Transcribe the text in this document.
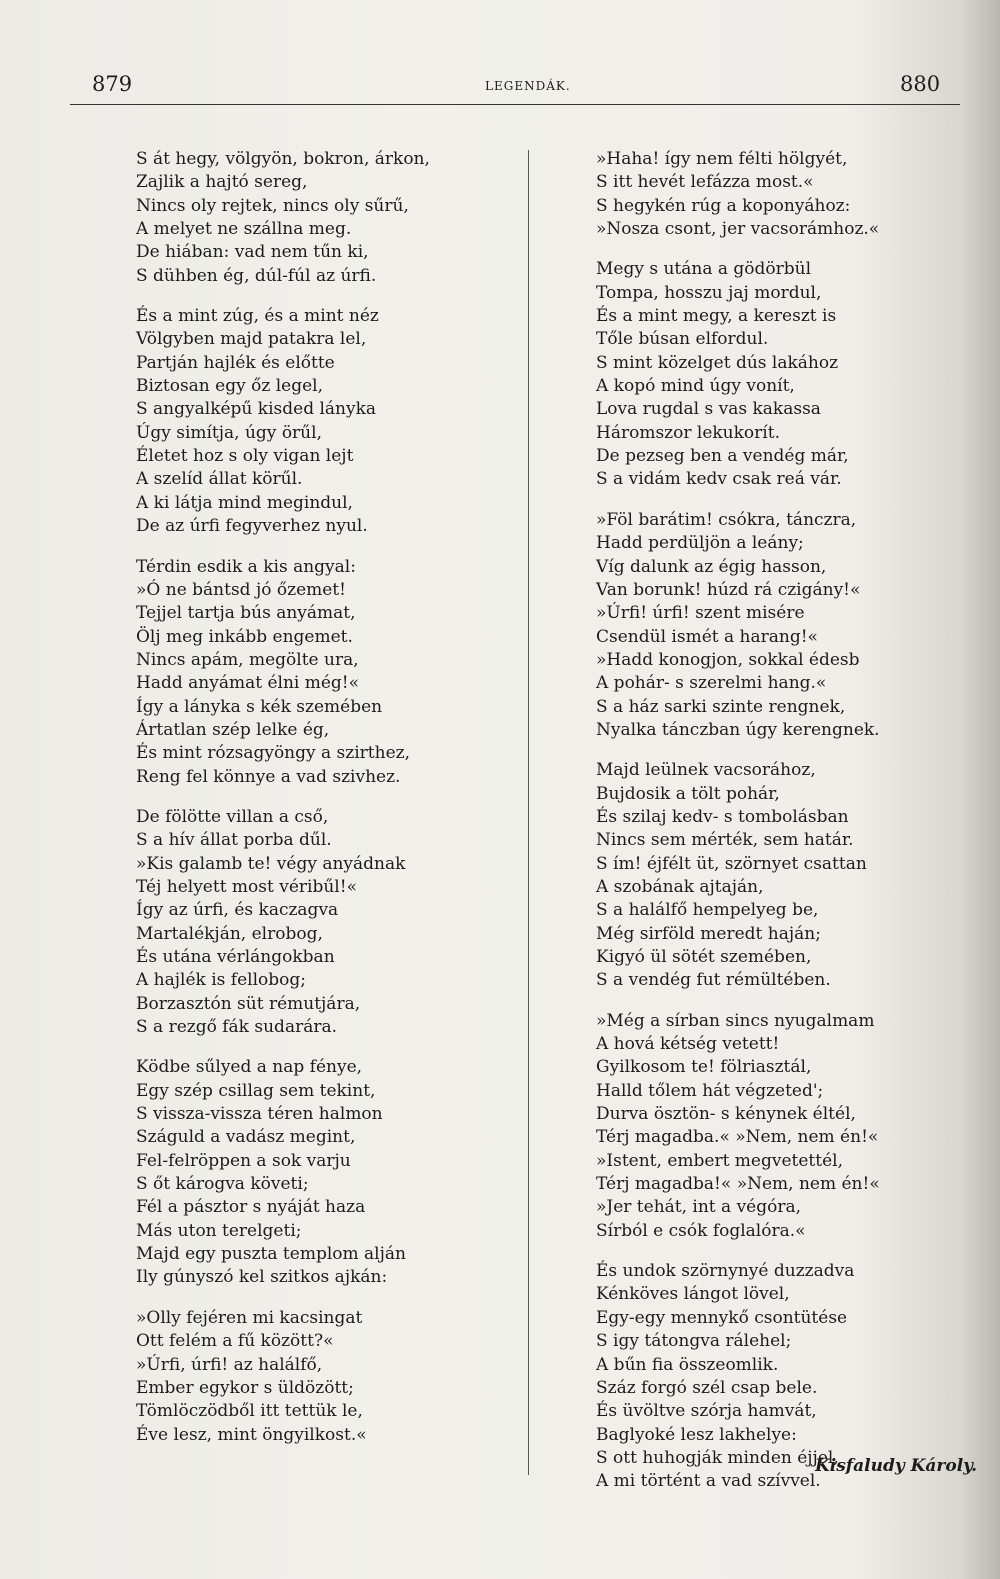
879	LEGENDÁK.	880
S át hegy, völgyön, bokron, árkon,
Zajlik a hajtó sereg,
Nincs oly rejtek, nincs oly sűrű,
A melyet ne szállna meg.
De hiában: vad nem tűn ki,
S dühben ég, dúl-fúl az úrfi.
És a mint zúg, és a mint néz
Völgyben majd patakra lel,
Partján hajlék és előtte
Biztosan egy őz legel,
S angyalképű kisded lányka
Úgy simítja, úgy örűl,
Életet hoz s oly vigan lejt
A szelíd állat körűl.
A ki látja mind megindul,
De az úrfi fegyverhez nyul.
Térdin esdik a kis angyal:
»Ó ne bántsd jó őzemet!
Tejjel tartja bús anyámat,
Ölj meg inkább engemet.
Nincs apám, megölte ura,
Hadd anyámat élni még!«
Így a lányka s kék szemében
Ártatlan szép lelke ég,
És mint rózsagyöngy a szirthez,
Reng fel könnye a vad szivhez.
De fölötte villan a cső,
S a hív állat porba dűl.
»Kis galamb te! végy anyádnak
Téj helyett most véribűl!«
Így az úrfi, és kaczagva
Martalékján, elrobog,
És utána vérlángokban
A hajlék is fellobog;
Borzasztón süt rémutjára,
S a rezgő fák sudarára.
Ködbe sűlyed a nap fénye,
Egy szép csillag sem tekint,
S vissza-vissza téren halmon
Száguld a vadász megint,
Fel-felröppen a sok varju
S őt károgva követi;
Fél a pásztor s nyáját haza
Más uton terelgeti;
Majd egy puszta templom alján
Ily gúnyszó kel szitkos ajkán:
»Olly fejéren mi kacsingat
Ott felém a fű között?«
»Úrfi, úrfi! az halálfő,
Ember egykor s üldözött;
Tömlöczödből itt tettük le,
Éve lesz, mint öngyilkost.«
»Haha! így nem félti hölgyét,
S itt hevét lefázza most.«
S hegykén rúg a koponyához:
»Nosza csont, jer vacsorámhoz.«
Megy s utána a gödörbül
Tompa, hosszu jaj mordul,
És a mint megy, a kereszt is
Tőle búsan elfordul.
S mint közelget dús lakához
A kopó mind úgy vonít,
Lova rugdal s vas kakassa
Háromszor lekukorít.
De pezseg ben a vendég már,
S a vidám kedv csak reá vár.
»Föl barátim! csókra, tánczra,
Hadd perdüljön a leány;
Víg dalunk az égig hasson,
Van borunk! húzd rá czigány!«
»Úrfi! úrfi! szent misére
Csendül ismét a harang!«
»Hadd konogjon, sokkal édesb
A pohár- s szerelmi hang.«
S a ház sarki szinte rengnek,
Nyalka tánczban úgy kerengnek.
Majd leülnek vacsorához,
Bujdosik a tölt pohár,
És szilaj kedv- s tombolásban
Nincs sem mérték, sem határ.
S ím! éjfélt üt, szörnyet csattan
A szobának ajtaján,
S a halálfő hempelyeg be,
Még sirföld meredt haján;
Kigyó ül sötét szemében,
S a vendég fut rémültében.
»Még a sírban sincs nyugalmam
A hová kétség vetett!
Gyilkosom te! fölriasztál,
Halld tőlem hát végzeted';
Durva ösztön- s kénynek éltél,
Térj magadba.« »Nem, nem én!«
»Istent, embert megvetettél,
Térj magadba!« »Nem, nem én!«
»Jer tehát, int a végóra,
Sírból e csók foglalóra.«
És undok szörnynyé duzzadva
Kénköves lángot lövel,
Egy-egy mennykő csontütése
S igy tátongva rálehel;
A bűn fia összeomlik.
Száz forgó szél csap bele.
És üvöltve szórja hamvát,
Baglyoké lesz lakhelye:
S ott huhogják minden éjjel,
A mi történt a vad szívvel.
Kisfaludy Károly.
